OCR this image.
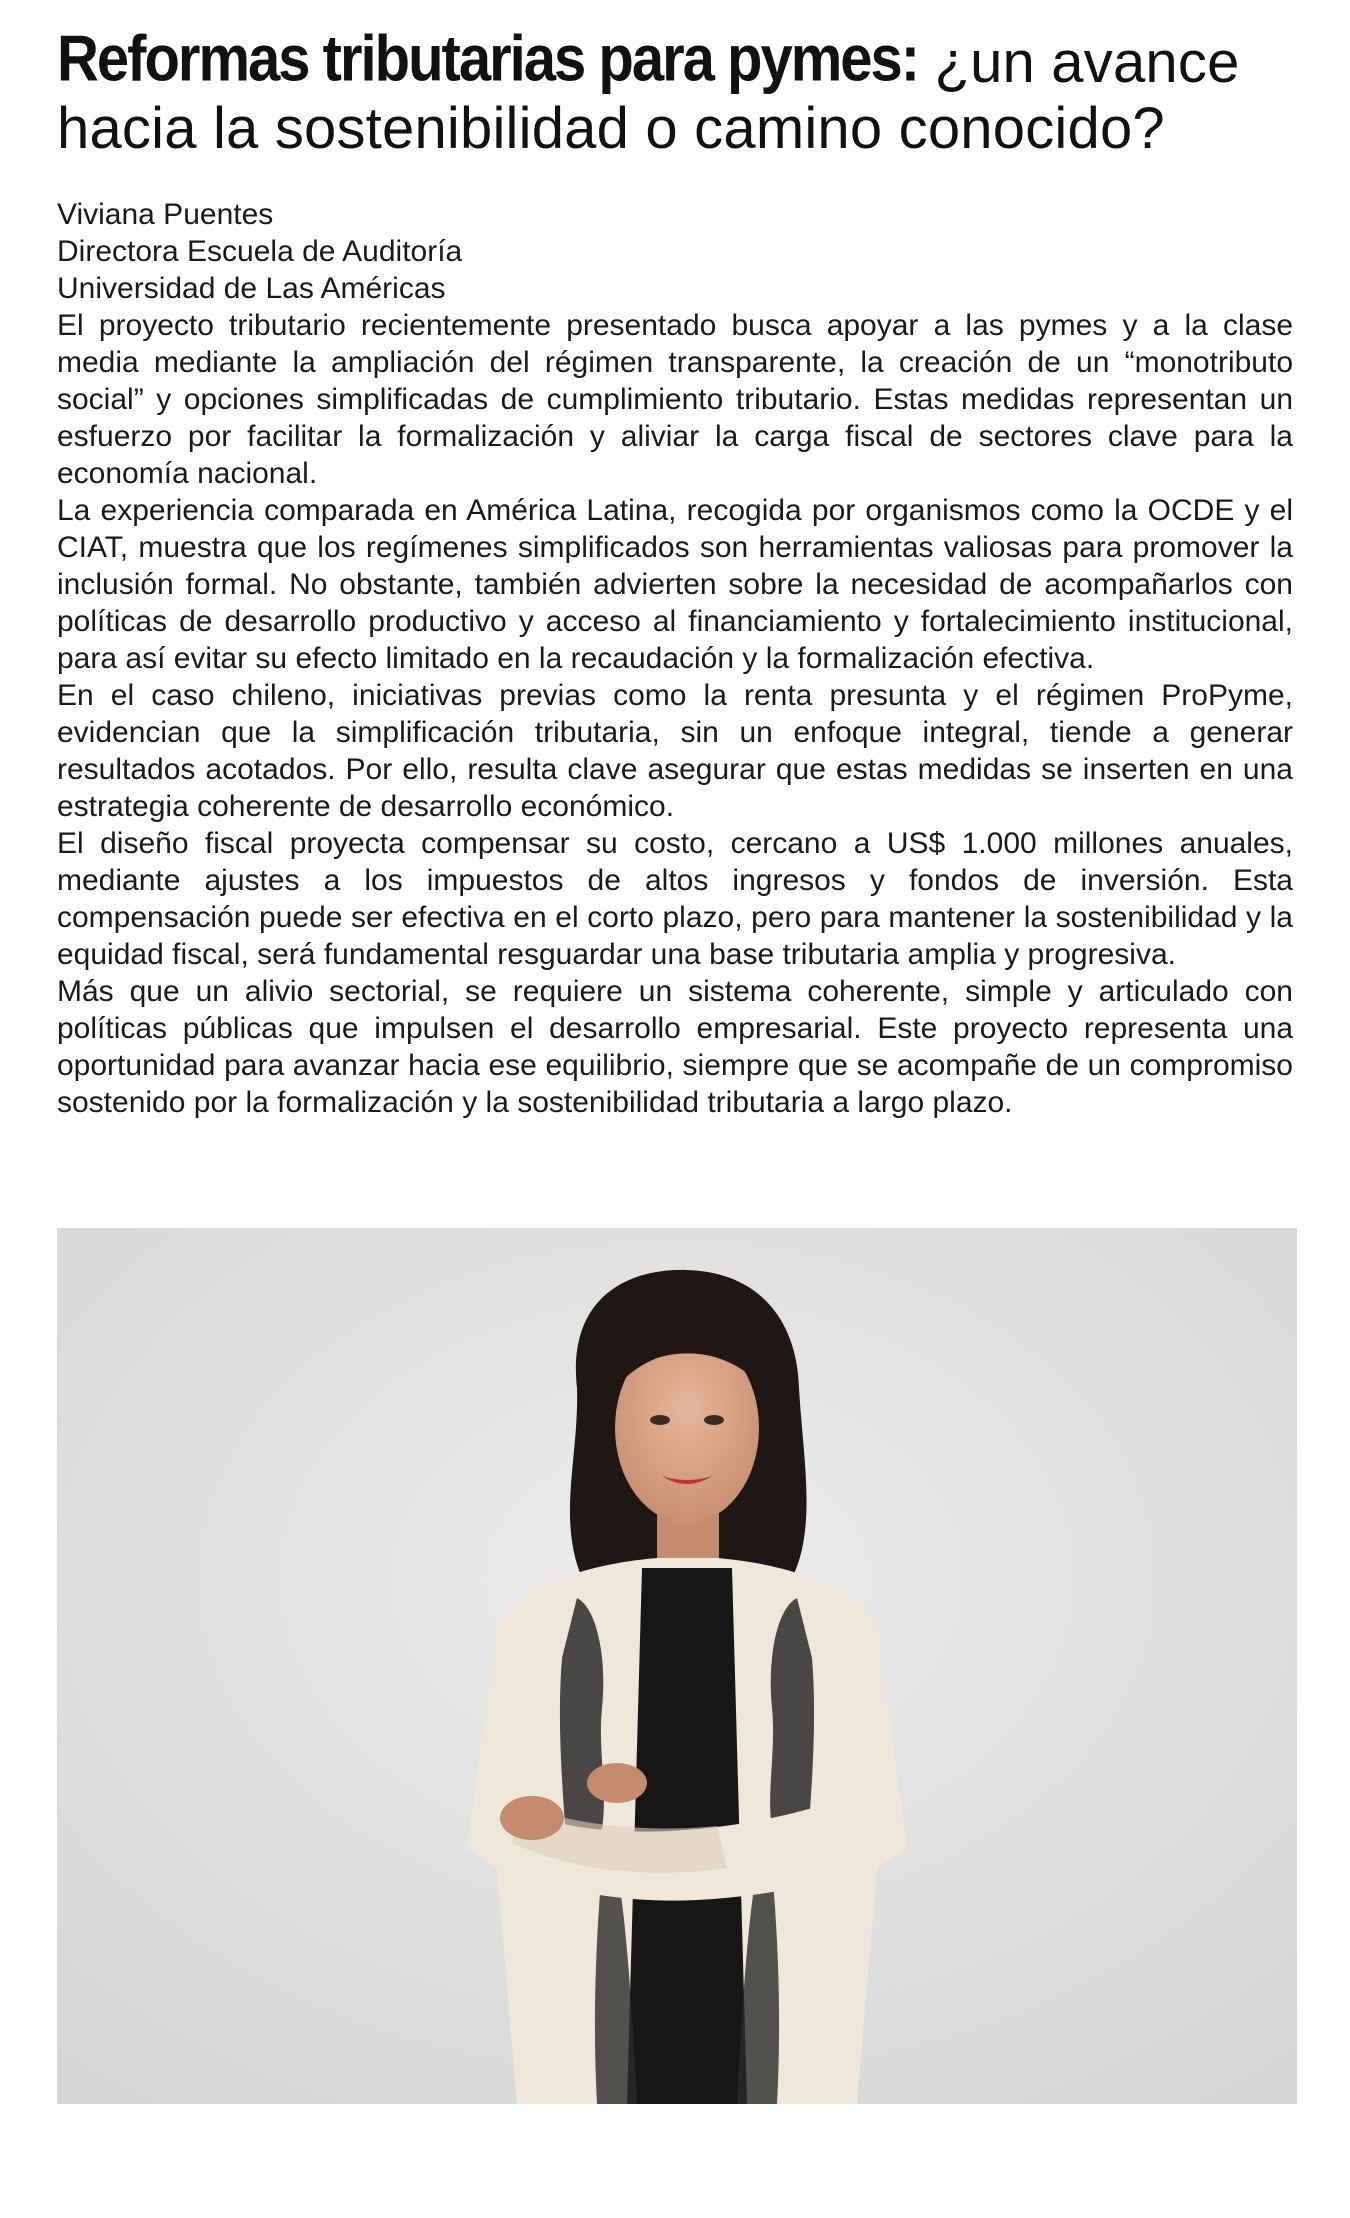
Reformas tributarias para pymes: ¿un avance hacia la sostenibilidad o camino conocido?
Viviana Puentes
Directora Escuela de Auditoría
Universidad de Las Américas

El proyecto tributario recientemente presentado busca apoyar a las pymes y a la clase media mediante la ampliación del régimen transparente, la creación de un “monotributo social” y opciones simplificadas de cumplimiento tributario. Estas medidas representan un esfuerzo por facilitar la formalización y aliviar la carga fiscal de sectores clave para la economía nacional.

La experiencia comparada en América Latina, recogida por organismos como la OCDE y el CIAT, muestra que los regímenes simplificados son herramientas valiosas para promover la inclusión formal. No obstante, también advierten sobre la necesidad de acompañarlos con políticas de desarrollo productivo y acceso al financiamiento y fortalecimiento institucional, para así evitar su efecto limitado en la recaudación y la formalización efectiva.

En el caso chileno, iniciativas previas como la renta presunta y el régimen ProPyme, evidencian que la simplificación tributaria, sin un enfoque integral, tiende a generar resultados acotados. Por ello, resulta clave asegurar que estas medidas se inserten en una estrategia coherente de desarrollo económico.

El diseño fiscal proyecta compensar su costo, cercano a US$ 1.000 millones anuales, mediante ajustes a los impuestos de altos ingresos y fondos de inversión. Esta compensación puede ser efectiva en el corto plazo, pero para mantener la sostenibilidad y la equidad fiscal, será fundamental resguardar una base tributaria amplia y progresiva.

Más que un alivio sectorial, se requiere un sistema coherente, simple y articulado con políticas públicas que impulsen el desarrollo empresarial. Este proyecto representa una oportunidad para avanzar hacia ese equilibrio, siempre que se acompañe de un compromiso sostenido por la formalización y la sostenibilidad tributaria a largo plazo.
